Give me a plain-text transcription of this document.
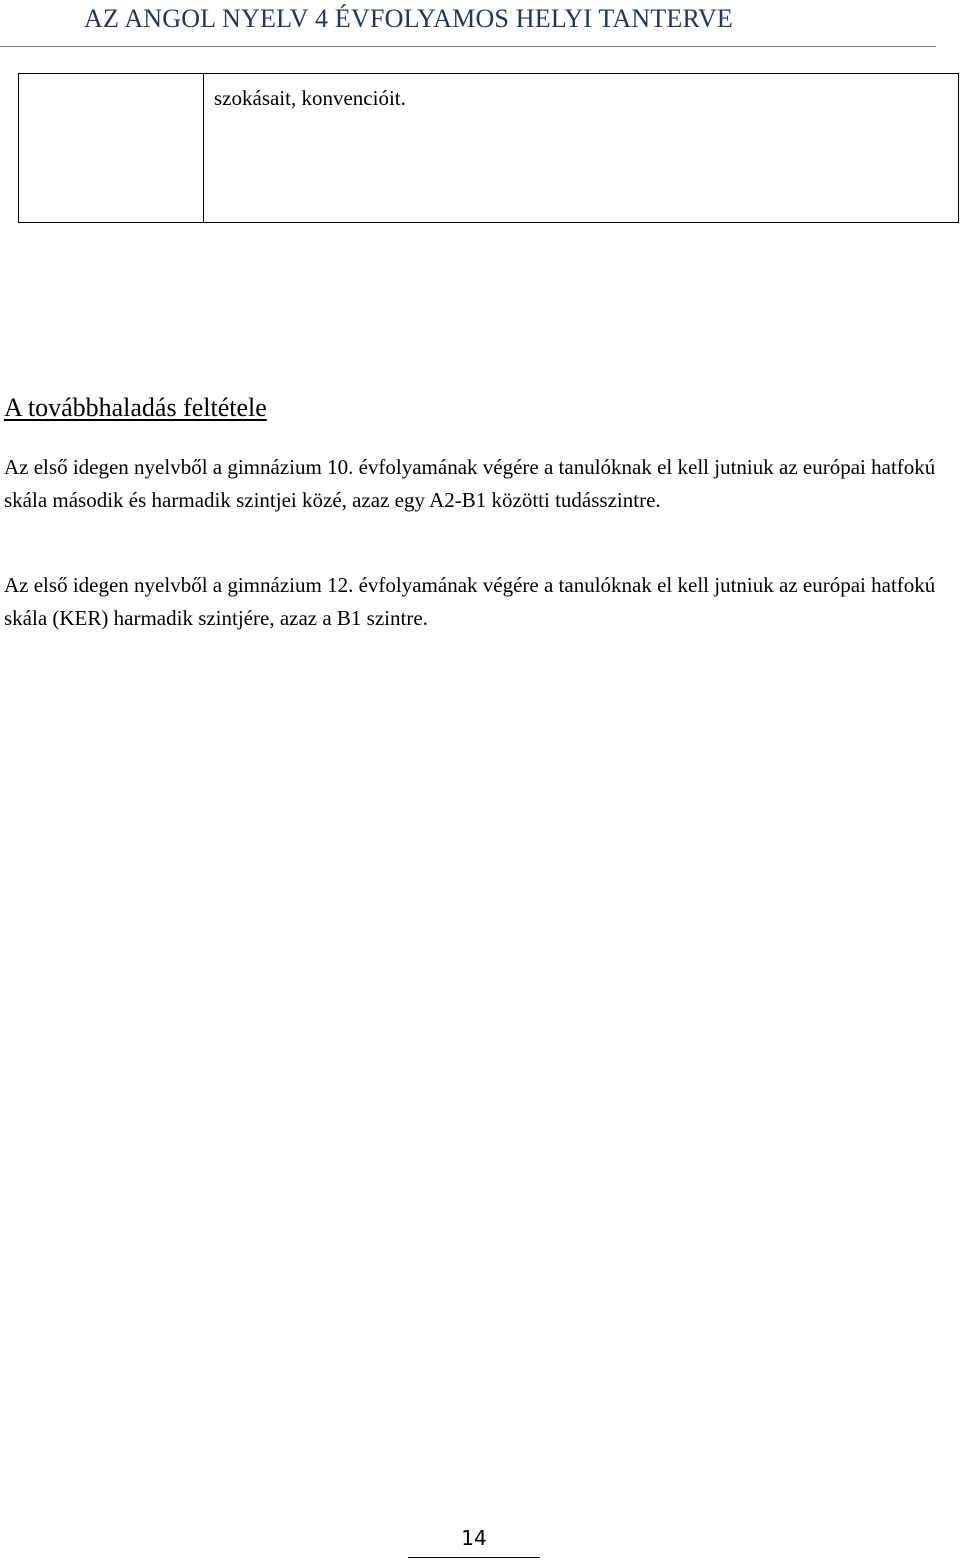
AZ ANGOL NYELV 4 ÉVFOLYAMOS HELYI TANTERVE
szokásait, konvencióit.
A továbbhaladás feltétele
Az első idegen nyelvből a gimnázium 10. évfolyamának végére a tanulóknak el kell jutniuk az európai hatfokú skála második és harmadik szintjei közé, azaz egy A2-B1 közötti tudásszintre.
Az első idegen nyelvből a gimnázium 12. évfolyamának végére a tanulóknak el kell jutniuk az európai hatfokú skála (KER) harmadik szintjére, azaz a B1 szintre.
14
